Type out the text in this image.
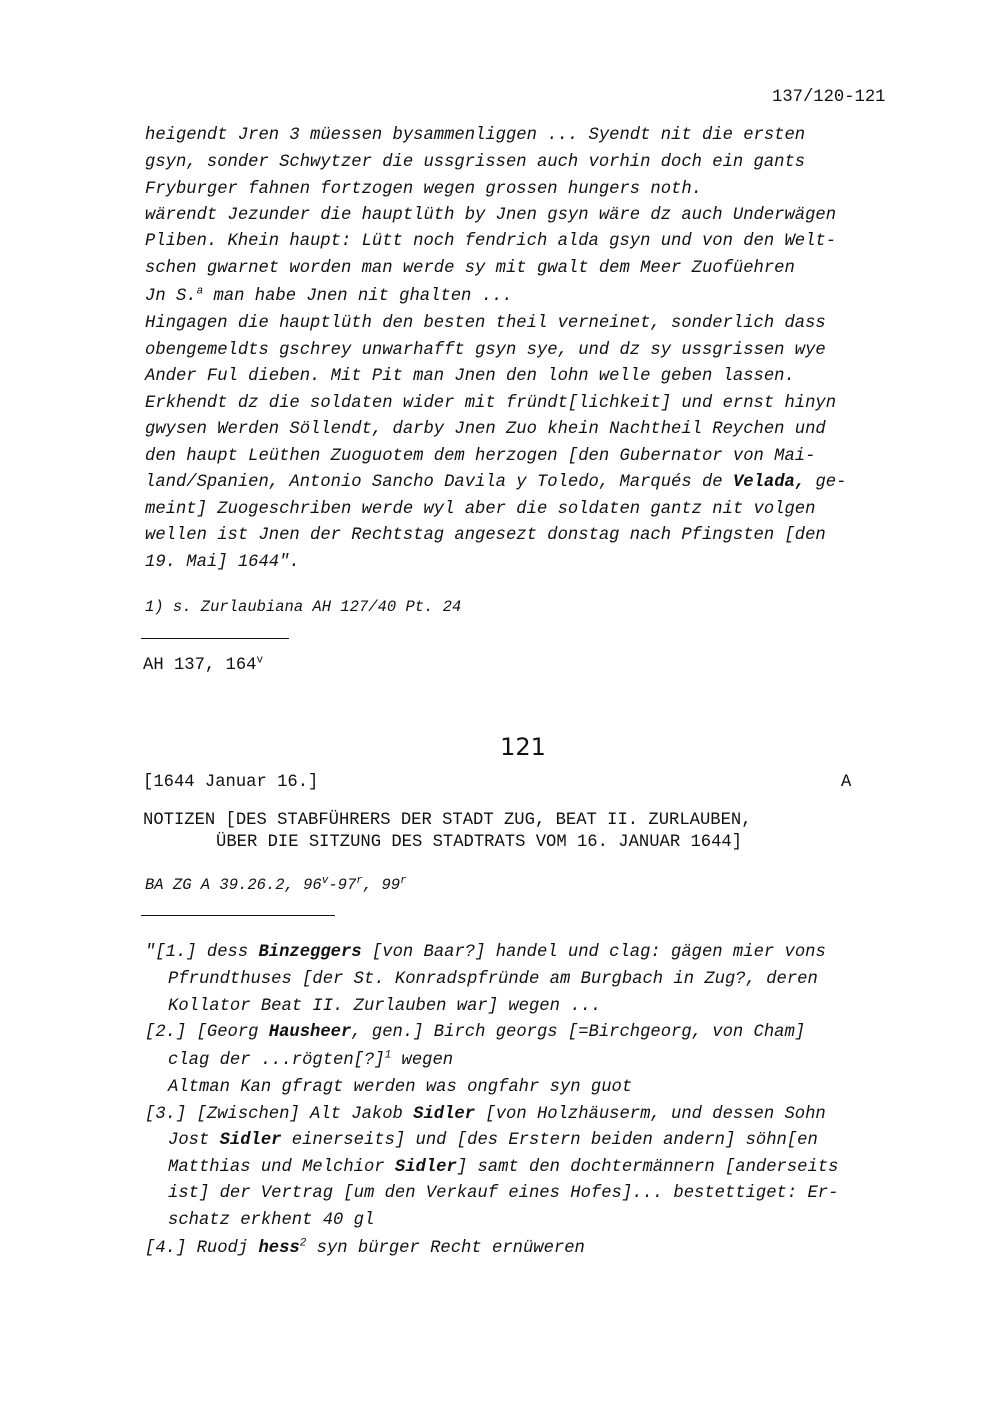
137/120-121
heigendt Jren 3 müessen bysammenliggen ... Syendt nit die ersten
gsyn, sonder Schwytzer die ussgrissen auch vorhin doch ein gants
Fryburger fahnen fortzogen wegen grossen hungers noth.
wärendt Jezunder die hauptlüth by Jnen gsyn wäre dz auch Underwägen
Pliben. Khein haupt: Lütt noch fendrich alda gsyn und von den Welt-
schen gwarnet worden man werde sy mit gwalt dem Meer Zuofüehren
Jn S.$^a$ man habe Jnen nit ghalten ...
Hingagen die hauptlüth den besten theil verneinet, sonderlich dass
obengemeldts gschrey unwarhafft gsyn sye, und dz sy ussgrissen wye
Ander Ful dieben. Mit Pit man Jnen den lohn welle geben lassen.
Erkhendt dz die soldaten wider mit fründt[lichkeit] und ernst hinyn
gwysen Werden Söllendt, darby Jnen Zuo khein Nachtheil Reychen und
den haupt Leüthen Zuoguotem dem herzogen [den Gubernator von Mai-
land/Spanien, Antonio Sancho Davila y Toledo, Marqués de Velada, ge-
meint] Zuogeschriben werde wyl aber die soldaten gantz nit volgen
wellen ist Jnen der Rechtstag angesezt donstag nach Pfingsten [den
19. Mai] 1644".
1) s. Zurlaubiana AH 127/40 Pt. 24
AH 137, 164$^v$
121
[1644 Januar 16.]	A
NOTIZEN [DES STABFÜHRERS DER STADT ZUG, BEAT II. ZURLAUBEN,
ÜBER DIE SITZUNG DES STADTRATS VOM 16. JANUAR 1644]
BA ZG A 39.26.2, 96$^v$-97$^r$, 99$^r$
"[1.] dess Binzeggers [von Baar?] handel und clag: gägen mier vons
Pfrundthuses [der St. Konradspfründe am Burgbach in Zug?, deren
Kollator Beat II. Zurlauben war] wegen ...
[2.] [Georg Hausheer, gen.] Birch georgs [=Birchgeorg, von Cham]
clag der ...rögten[?]$^1$ wegen
Altman Kan gfragt werden was ongfahr syn guot
[3.] [Zwischen] Alt Jakob Sidler [von Holzhäuserm, und dessen Sohn
Jost Sidler einerseits] und [des Erstern beiden andern] söhn[en
Matthias und Melchior Sidler] samt den dochtermännern [anderseits
ist] der Vertrag [um den Verkauf eines Hofes]... bestettiget: Er-
schatz erkhent 40 gl
[4.] Ruodj hess$^2$ syn bürger Recht ernüweren
